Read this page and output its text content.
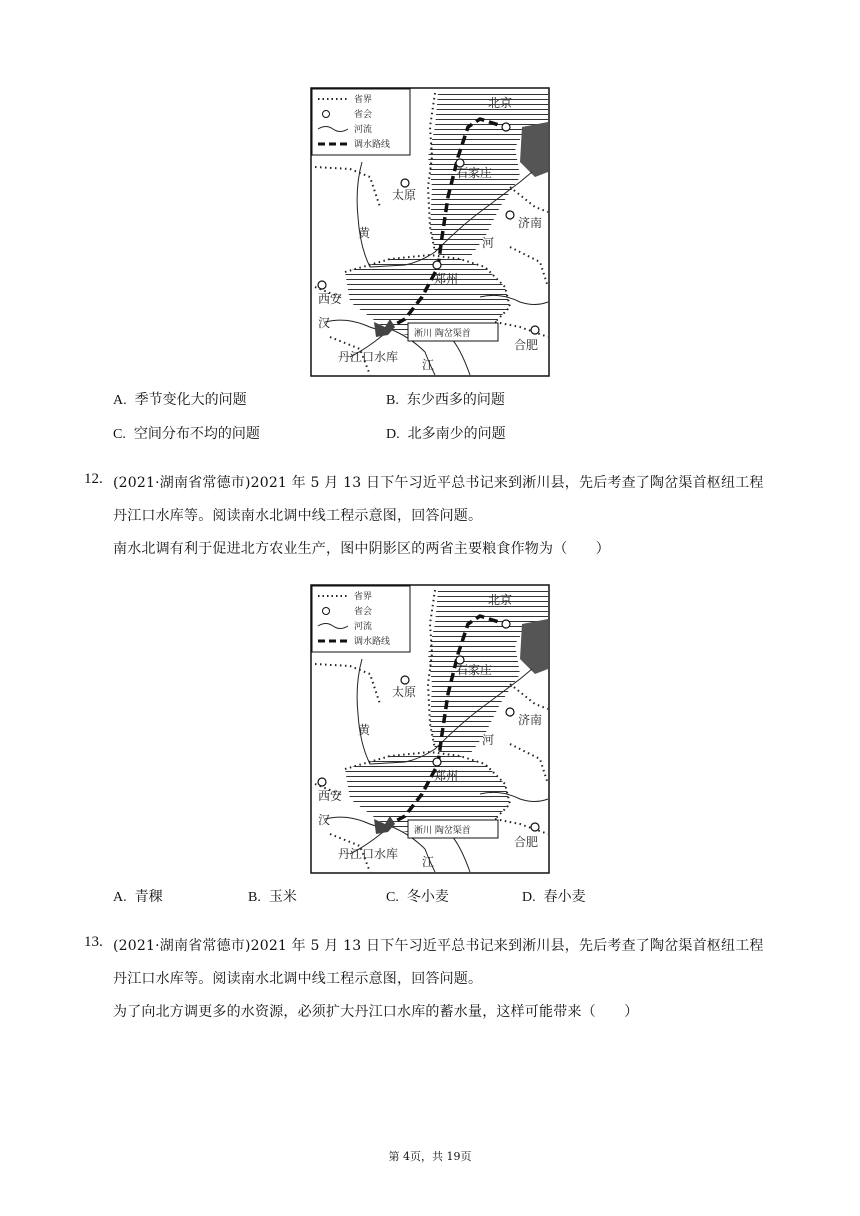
省界
省会
河流
调水路线
北京
石家庄
太原
济南
郑州
西安
合肥
丹江口水库
淅川 陶岔渠首
黄
河
汉
江
A. 季节变化大的问题	B. 东少西多的问题
C. 空间分布不均的问题	D. 北多南少的问题
12. (2021·湖南省常德市)2021 年 5 月 13 日下午习近平总书记来到淅川县，先后考查了陶岔渠首枢纽工程
丹江口水库等。阅读南水北调中线工程示意图，回答问题。
南水北调有利于促进北方农业生产，图中阴影区的两省主要粮食作物为（　　）
省界
省会
河流
调水路线
北京
石家庄
太原
济南
郑州
西安
合肥
丹江口水库
淅川 陶岔渠首
黄
河
汉
江
A. 青稞	B. 玉米	C. 冬小麦	D. 春小麦
13. (2021·湖南省常德市)2021 年 5 月 13 日下午习近平总书记来到淅川县，先后考查了陶岔渠首枢纽工程
丹江口水库等。阅读南水北调中线工程示意图，回答问题。
为了向北方调更多的水资源，必须扩大丹江口水库的蓄水量，这样可能带来（　　）
第 4页，共 19页
